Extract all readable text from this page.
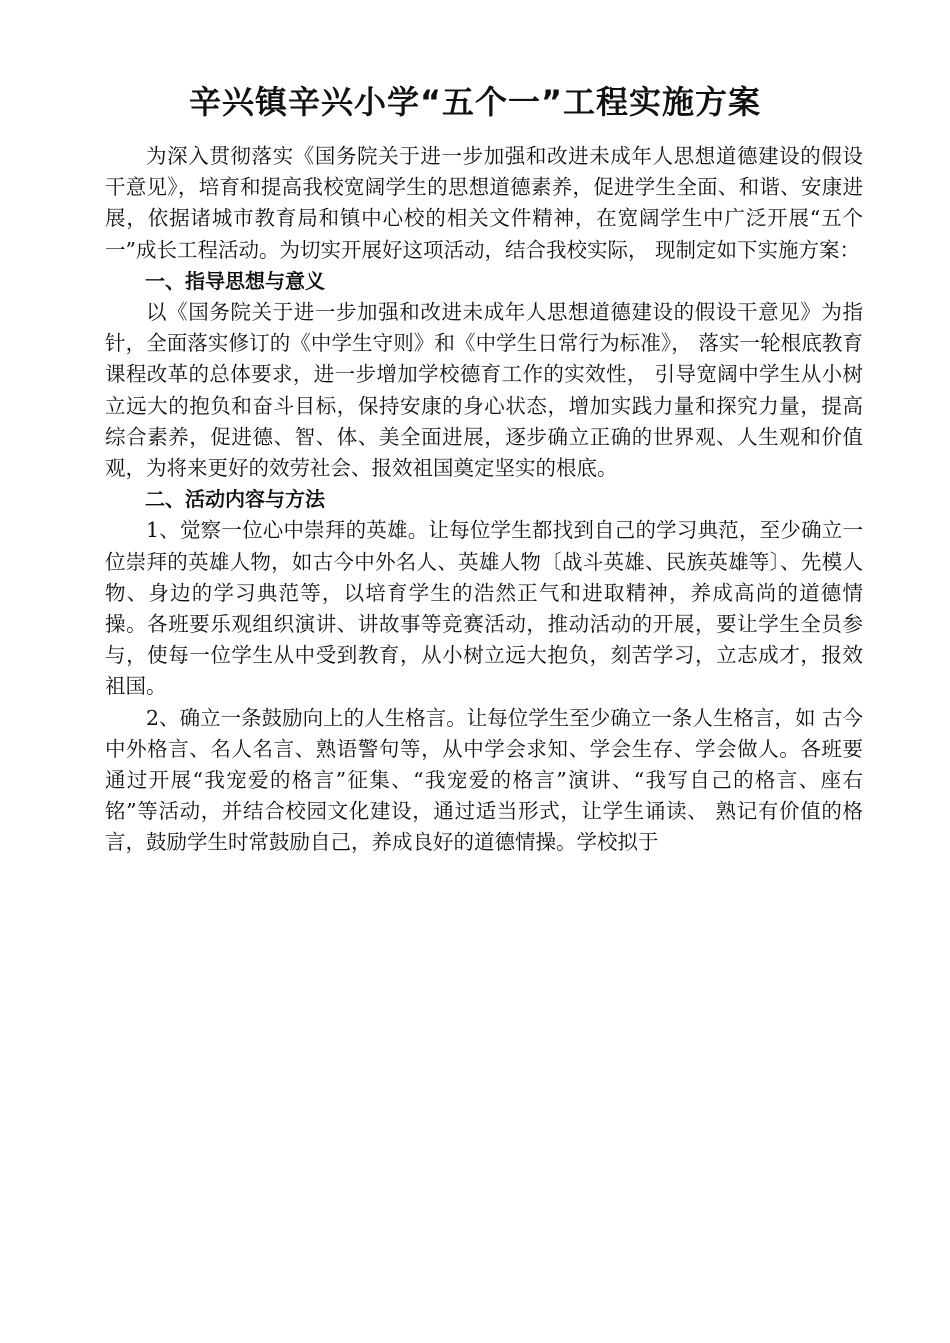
辛兴镇辛兴小学“五个一”工程实施方案

为深入贯彻落实《国务院关于进一步加强和改进未成年人思想道德建设的假设干意见》，培育和提高我校宽阔学生的思想道德素养，促进学生全面、和谐、安康进展，依据诸城市教育局和镇中心校的相关文件精神，在宽阔学生中广泛开展“五个一”成长工程活动。为切实开展好这项活动，结合我校实际， 现制定如下实施方案：

一、指导思想与意义

以《国务院关于进一步加强和改进未成年人思想道德建设的假设干意见》为指针，全面落实修订的《中学生守则》和《中学生日常行为标准》， 落实一轮根底教育课程改革的总体要求，进一步增加学校德育工作的实效性， 引导宽阔中学生从小树立远大的抱负和奋斗目标，保持安康的身心状态，增加实践力量和探究力量，提高综合素养，促进德、智、体、美全面进展，逐步确立正确的世界观、人生观和价值观，为将来更好的效劳社会、报效祖国奠定坚实的根底。

二、活动内容与方法

1、觉察一位心中崇拜的英雄。让每位学生都找到自己的学习典范，至少确立一位崇拜的英雄人物，如古今中外名人、英雄人物〔战斗英雄、民族英雄等〕、先模人物、身边的学习典范等，以培育学生的浩然正气和进取精神，养成高尚的道德情操。各班要乐观组织演讲、讲故事等竞赛活动，推动活动的开展，要让学生全员参与，使每一位学生从中受到教育，从小树立远大抱负，刻苦学习，立志成才，报效祖国。

2、确立一条鼓励向上的人生格言。让每位学生至少确立一条人生格言，如 古今中外格言、名人名言、熟语警句等，从中学会求知、学会生存、学会做人。各班要通过开展“我宠爱的格言”征集、“我宠爱的格言”演讲、“我写自己的格言、座右铭”等活动，并结合校园文化建设，通过适当形式，让学生诵读、 熟记有价值的格言，鼓励学生时常鼓励自己，养成良好的道德情操。学校拟于
